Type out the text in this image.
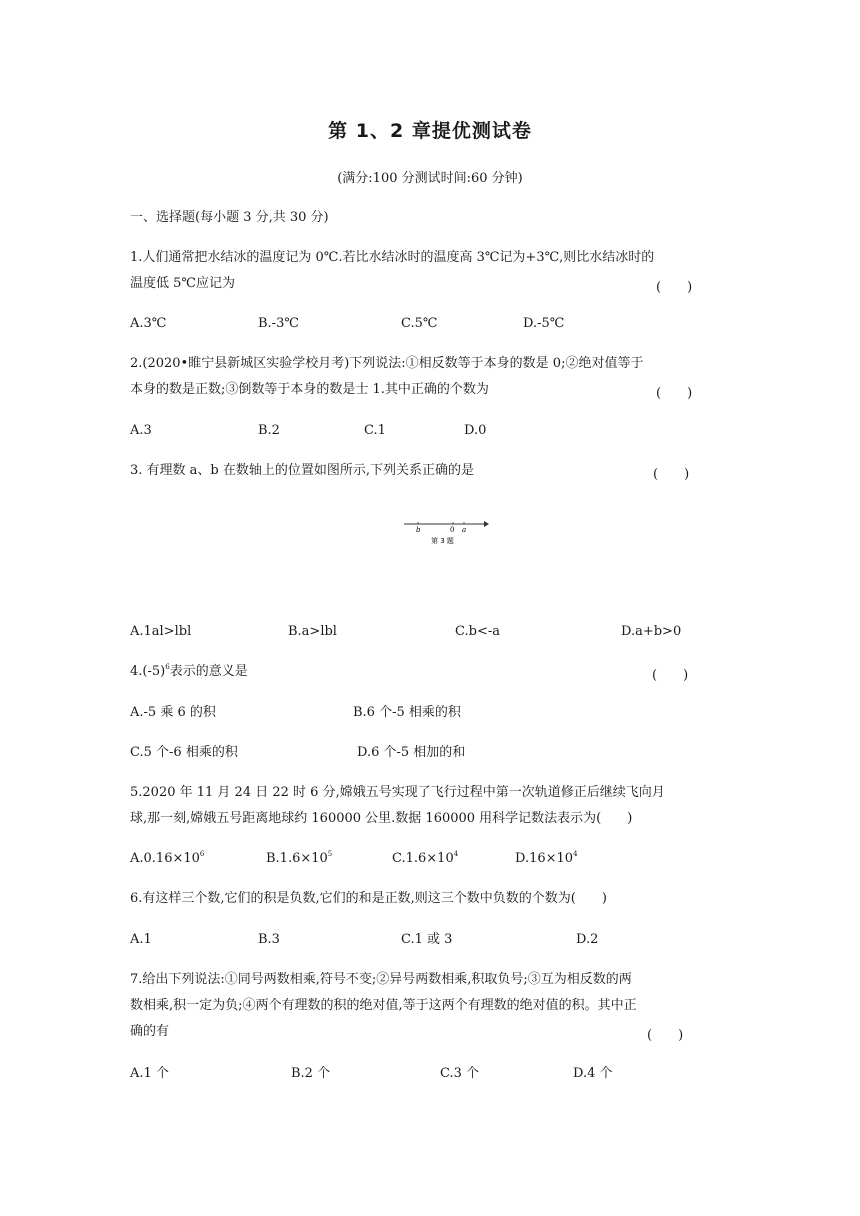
第 1、2 章提优测试卷
(满分:100 分测试时间:60 分钟)
一、选择题(每小题 3 分,共 30 分)
1.人们通常把水结冰的温度记为 0℃.若比水结冰时的温度高 3℃记为+3℃,则比水结冰时的
温度低 5℃应记为	(　　)
A.3℃	B.-3℃	C.5℃	D.-5℃
2.(2020•睢宁县新城区实验学校月考)下列说法:①相反数等于本身的数是 0;②绝对值等于
本身的数是正数;③倒数等于本身的数是士 1.其中正确的个数为	(　　)
A.3	B.2	C.1	D.0
3. 有理数 a、b 在数轴上的位置如图所示,下列关系正确的是	(　　)
b	0 a
第 3 题
A.1al>lbl	B.a>lbl	C.b<-a	D.a+b>0
$4.(-5)^6$表示的意义是	(　　)
A.-5 乘 6 的积	B.6 个-5 相乘的积
C.5 个-6 相乘的积	D.6 个-5 相加的和
5.2020 年 11 月 24 日 22 时 6 分,嫦娥五号实现了飞行过程中第一次轨道修正后继续飞向月
球,那一刻,嫦娥五号距离地球约 160000 公里.数据 160000 用科学记数法表示为(　　)
$A.0.16\times 10^6$	$B.1.6\times 10^5$	$C.1.6\times 10^4$	$D.16\times 10^4$
6.有这样三个数,它们的积是负数,它们的和是正数,则这三个数中负数的个数为(　　)
A.1	B.3	C.1 或 3	D.2
7.给出下列说法:①同号两数相乘,符号不变;②异号两数相乘,积取负号;③互为相反数的两
数相乘,积一定为负;④两个有理数的积的绝对值,等于这两个有理数的绝对值的积。其中正
确的有	(　　)
A.1 个	B.2 个	C.3 个	D.4 个
